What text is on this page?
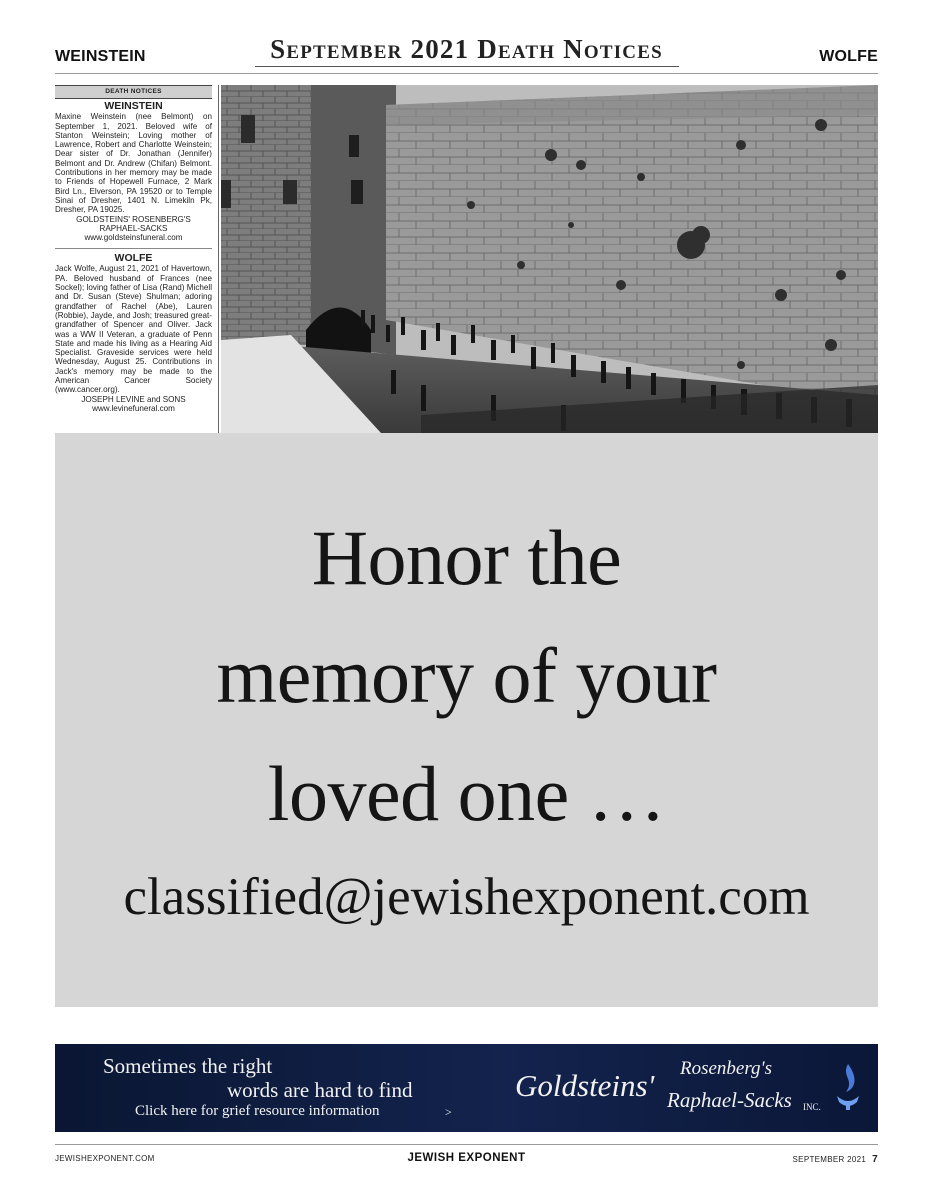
WEINSTEIN	September 2021 Death Notices	WOLFE
DEATH NOTICES
WEINSTEIN

Maxine Weinstein (nee Belmont) on September 1, 2021. Beloved wife of Stanton Weinstein; Loving mother of Lawrence, Robert and Charlotte Weinstein; Dear sister of Dr. Jonathan (Jennifer) Belmont and Dr. Andrew (Chifan) Belmont. Contributions in her memory may be made to Friends of Hopewell Furnace, 2 Mark Bird Ln., Elverson, PA 19520 or to Temple Sinai of Dresher, 1401 N. Limekiln Pk, Dresher, PA 19025.

GOLDSTEINS' ROSENBERG'S RAPHAEL-SACKS
www.goldsteinsfuneral.com
WOLFE

Jack Wolfe, August 21, 2021 of Havertown, PA. Beloved husband of Frances (nee Sockel); loving father of Lisa (Rand) Michell and Dr. Susan (Steve) Shulman; adoring grandfather of Rachel (Abe), Lauren (Robbie), Jayde, and Josh; treasured great-grandfather of Spencer and Oliver. Jack was a WW II Veteran, a graduate of Penn State and made his living as a Hearing Aid Specialist. Graveside services were held Wednesday, August 25. Contributions in Jack's memory may be made to the American Cancer Society (www.cancer.org).

JOSEPH LEVINE and SONS
www.levinefuneral.com
Honor the
memory of your
loved one …
classified@jewishexponent.com
Sometimes the right
words are hard to find
Click here for grief resource information	>
Goldsteins' Rosenberg's
Raphael-Sacks INC.
JEWISHEXPONENT.COM	JEWISH EXPONENT	SEPTEMBER 2021 7
